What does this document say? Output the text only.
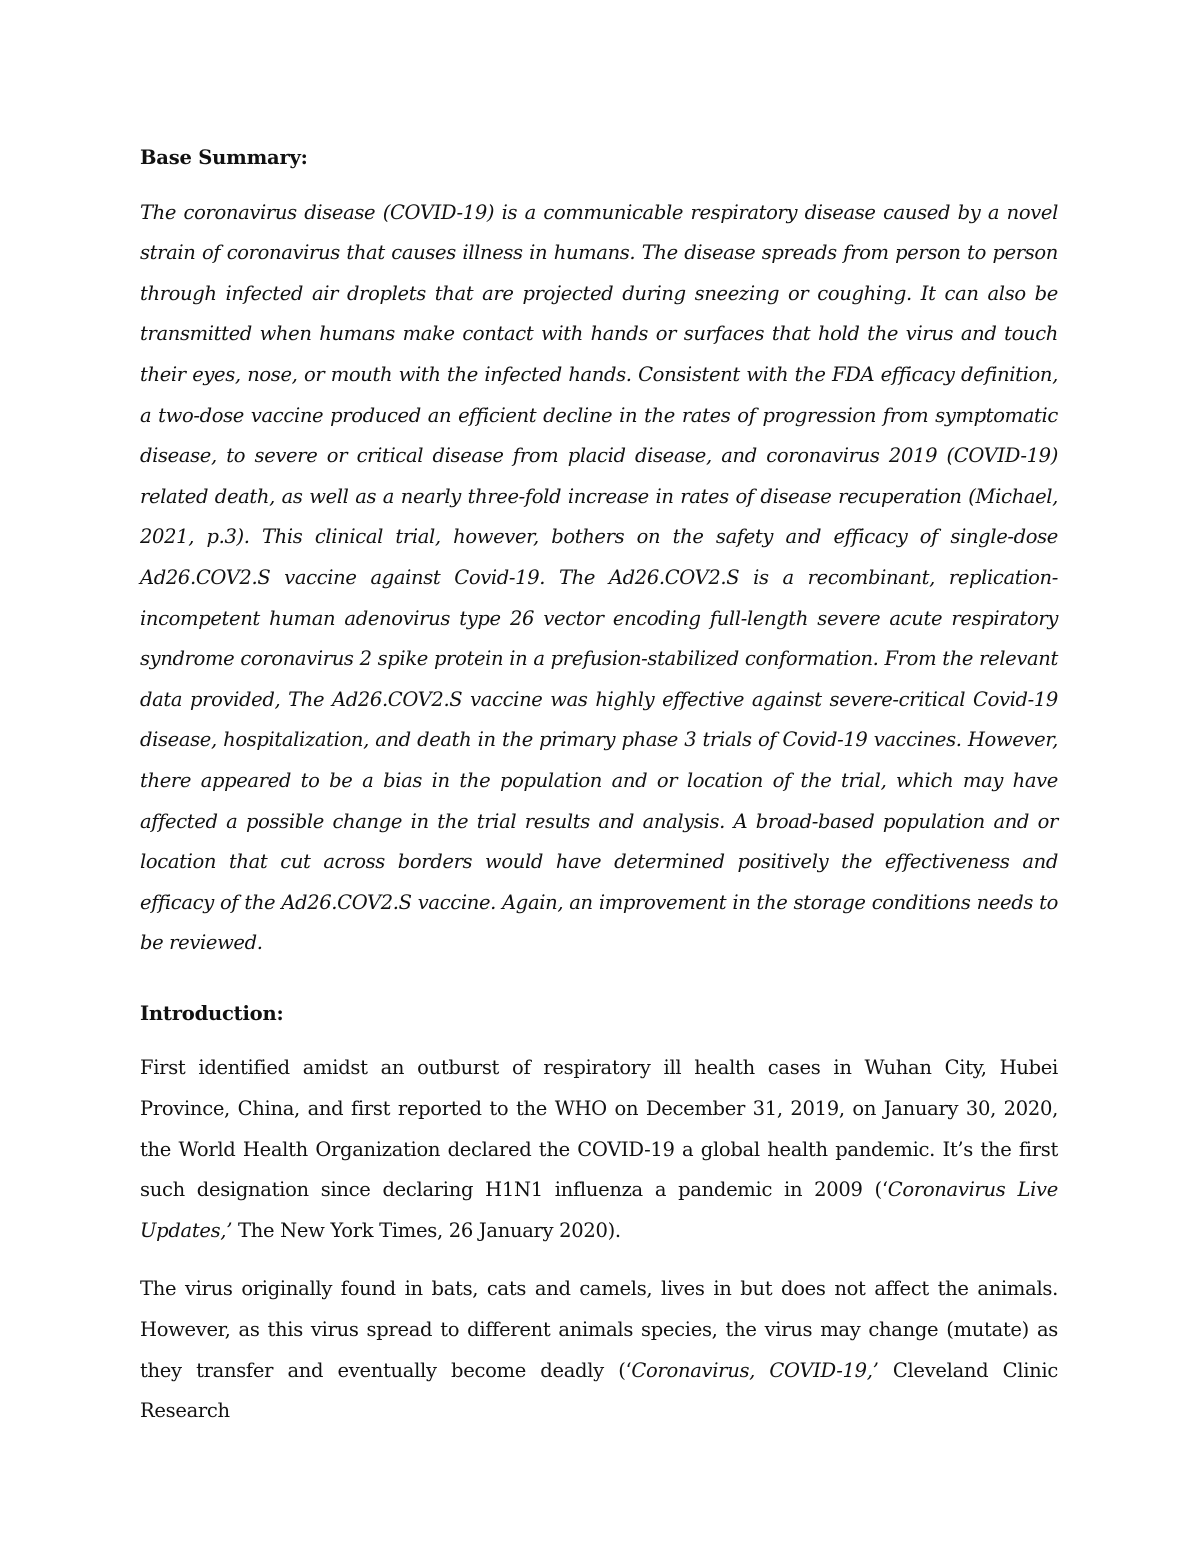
Base Summary:

The coronavirus disease (COVID-19) is a communicable respiratory disease caused by a novel strain of coronavirus that causes illness in humans. The disease spreads from person to person through infected air droplets that are projected during sneezing or coughing. It can also be transmitted when humans make contact with hands or surfaces that hold the virus and touch their eyes, nose, or mouth with the infected hands. Consistent with the FDA efficacy definition, a two-dose vaccine produced an efficient decline in the rates of progression from symptomatic disease, to severe or critical disease from placid disease, and coronavirus 2019 (COVID-19) related death, as well as a nearly three-fold increase in rates of disease recuperation (Michael, 2021, p.3). This clinical trial, however, bothers on the safety and efficacy of single-dose Ad26.COV2.S vaccine against Covid-19. The Ad26.COV2.S is a recombinant, replication-incompetent human adenovirus type 26 vector encoding full-length severe acute respiratory syndrome coronavirus 2 spike protein in a prefusion-stabilized conformation. From the relevant data provided, The Ad26.COV2.S vaccine was highly effective against severe-critical Covid-19 disease, hospitalization, and death in the primary phase 3 trials of Covid-19 vaccines. However, there appeared to be a bias in the population and or location of the trial, which may have affected a possible change in the trial results and analysis. A broad-based population and or location that cut across borders would have determined positively the effectiveness and efficacy of the Ad26.COV2.S vaccine. Again, an improvement in the storage conditions needs to be reviewed.

Introduction:

First identified amidst an outburst of respiratory ill health cases in Wuhan City, Hubei Province, China, and first reported to the WHO on December 31, 2019, on January 30, 2020, the World Health Organization declared the COVID-19 a global health pandemic. It’s the first such designation since declaring H1N1 influenza a pandemic in 2009 (‘Coronavirus Live Updates,’ The New York Times, 26 January 2020).

The virus originally found in bats, cats and camels, lives in but does not affect the animals. However, as this virus spread to different animals species, the virus may change (mutate) as they transfer and eventually become deadly (‘Coronavirus, COVID-19,’ Cleveland Clinic Research
